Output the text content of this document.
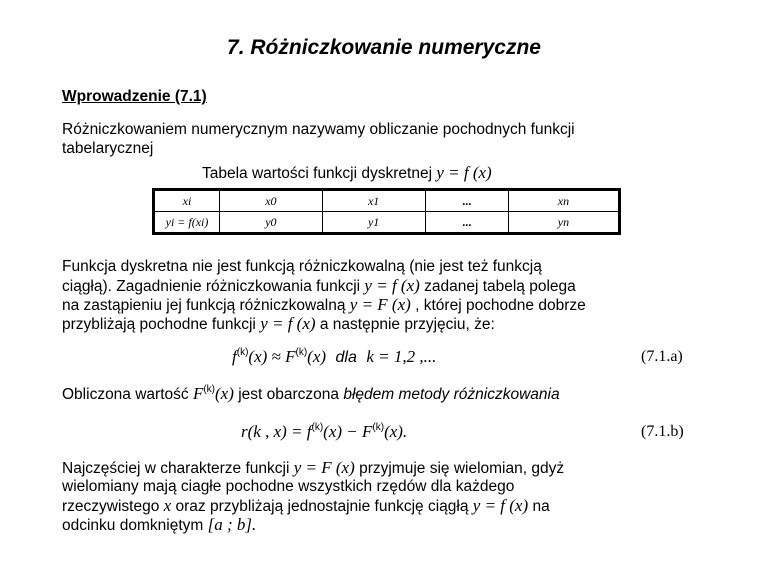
7. Różniczkowanie numeryczne
Wprowadzenie (7.1)
Różniczkowaniem numerycznym nazywamy obliczanie pochodnych funkcji
tabelarycznej
Tabela wartości funkcji dyskretnej y = f (x)
xi	x0	x1	...	xn
yi = f(xi)	y0	y1	...	yn
Funkcja dyskretna nie jest funkcją różniczkowalną (nie jest też funkcją
ciągłą). Zagadnienie różniczkowania funkcji y = f (x) zadanej tabelą polega
na zastąpieniu jej funkcją różniczkowalną y = F (x) , której pochodne dobrze
przybliżają pochodne funkcji y = f (x) a następnie przyjęciu, że:
$f^{(k)}(x) \approx F^{(k)}(x)$ dla k = 1,2 ,...	(7.1.a)
Obliczona wartość $F^{(k)}(x)$ jest obarczona błędem metody różniczkowania
r(k , $x) = f^{(k)}(x) - F^{(k)}(x)$.	(7.1.b)
Najczęściej w charakterze funkcji y = F (x) przyjmuje się wielomian, gdyż
wielomiany mają ciagłe pochodne wszystkich rzędów dla każdego
rzeczywistego x oraz przybliżają jednostajnie funkcję ciągłą y = f (x) na
odcinku domkniętym [a ; b].
